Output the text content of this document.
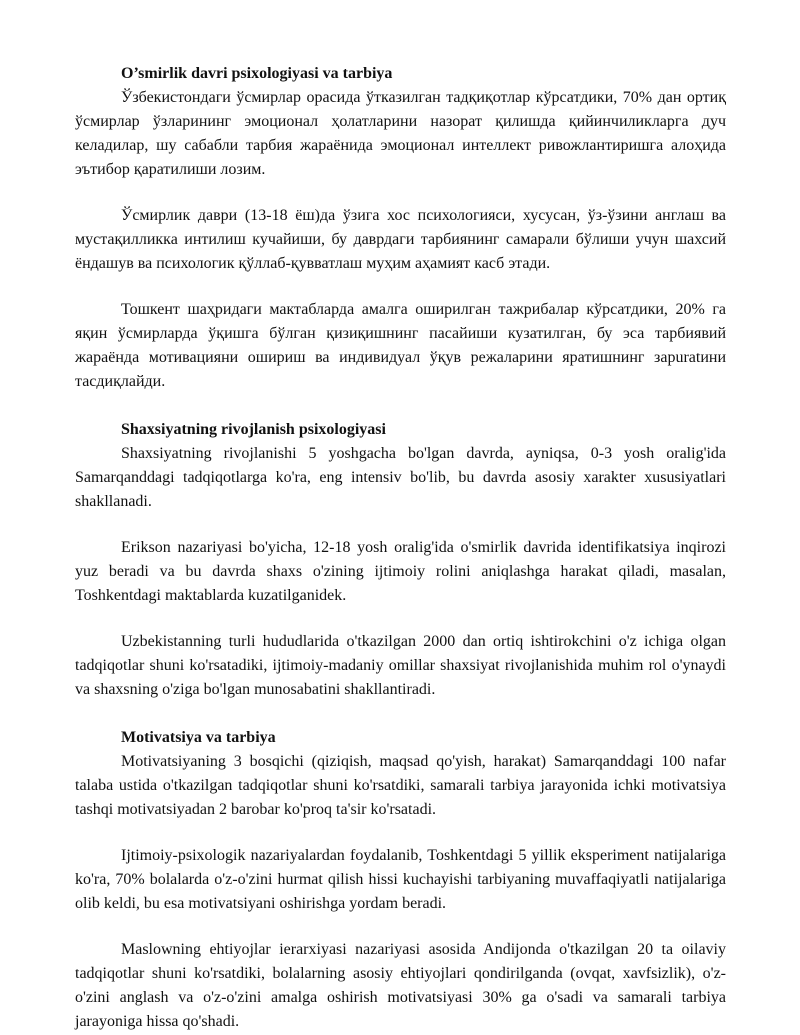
O’smirlik davri psixologiyasi va tarbiya

Ўзбекистондаги ўсмирлар орасида ўтказилган тадқиқотлар кўрсатдики, 70% дан ортиқ ўсмирлар ўзларининг эмоционал ҳолатларини назорат қилишда қийинчиликларга дуч келадилар, шу сабабли тарбия жараёнида эмоционал интеллект ривожлантиришга алоҳида эътибор қаратилиши лозим.

Ўсмирлик даври (13-18 ёш)да ўзига хос психологияси, хусусан, ўз-ўзини англаш ва мустақилликка интилиш кучайиши, бу даврдаги тарбиянинг самарали бўлиши учун шахсий ёндашув ва психологик қўллаб-қувватлаш муҳим аҳамият касб этади.

Тошкент шаҳридаги мактабларда амалга оширилган тажрибалар кўрсатдики, 20% га яқин ўсмирларда ўқишга бўлган қизиқишнинг пасайиши кузатилган, бу эса тарбиявий жараёнда мотивацияни ошириш ва индивидуал ўқув режаларини яратишнинг зарuratини тасдиқлайди.

Shaxsiyatning rivojlanish psixologiyasi

Shaxsiyatning rivojlanishi 5 yoshgacha bo'lgan davrda, ayniqsa, 0-3 yosh oralig'ida Samarqanddagi tadqiqotlarga ko'ra, eng intensiv bo'lib, bu davrda asosiy xarakter xususiyatlari shakllanadi.

Erikson nazariyasi bo'yicha, 12-18 yosh oralig'ida o'smirlik davrida identifikatsiya inqirozi yuz beradi va bu davrda shaxs o'zining ijtimoiy rolini aniqlashga harakat qiladi, masalan, Toshkentdagi maktablarda kuzatilganidek.

Uzbekistanning turli hududlarida o'tkazilgan 2000 dan ortiq ishtirokchini o'z ichiga olgan tadqiqotlar shuni ko'rsatadiki, ijtimoiy-madaniy omillar shaxsiyat rivojlanishida muhim rol o'ynaydi va shaxsning o'ziga bo'lgan munosabatini shakllantiradi.

Motivatsiya va tarbiya

Motivatsiyaning 3 bosqichi (qiziqish, maqsad qo'yish, harakat) Samarqanddagi 100 nafar talaba ustida o'tkazilgan tadqiqotlar shuni ko'rsatdiki, samarali tarbiya jarayonida ichki motivatsiya tashqi motivatsiyadan 2 barobar ko'proq ta'sir ko'rsatadi.

Ijtimoiy-psixologik nazariyalardan foydalanib, Toshkentdagi 5 yillik eksperiment natijalariga ko'ra, 70% bolalarda o'z-o'zini hurmat qilish hissi kuchayishi tarbiyaning muvaffaqiyatli natijalariga olib keldi, bu esa motivatsiyani oshirishga yordam beradi.

Maslowning ehtiyojlar ierarxiyasi nazariyasi asosida Andijonda o'tkazilgan 20 ta oilaviy tadqiqotlar shuni ko'rsatdiki, bolalarning asosiy ehtiyojlari qondirilganda (ovqat, xavfsizlik), o'z-o'zini anglash va o'z-o'zini amalga oshirish motivatsiyasi 30% ga o'sadi va samarali tarbiya jarayoniga hissa qo'shadi.
